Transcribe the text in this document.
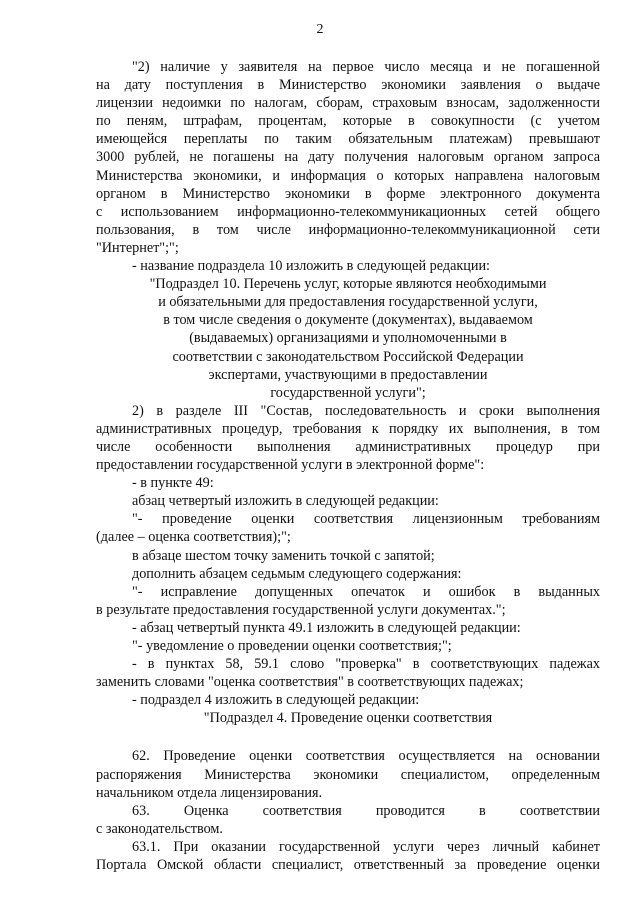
2
"2) наличие у заявителя на первое число месяца и не погашенной
на дату поступления в Министерство экономики заявления о выдаче
лицензии недоимки по налогам, сборам, страховым взносам, задолженности
по пеням, штрафам, процентам, которые в совокупности (с учетом
имеющейся переплаты по таким обязательным платежам) превышают
3000 рублей, не погашены на дату получения налоговым органом запроса
Министерства экономики, и информация о которых направлена налоговым
органом в Министерство экономики в форме электронного документа
с использованием информационно-телекоммуникационных сетей общего
пользования, в том числе информационно-телекоммуникационной сети
"Интернет";";
- название подраздела 10 изложить в следующей редакции:
"Подраздел 10. Перечень услуг, которые являются необходимыми
и обязательными для предоставления государственной услуги,
в том числе сведения о документе (документах), выдаваемом
(выдаваемых) организациями и уполномоченными в
соответствии с законодательством Российской Федерации
экспертами, участвующими в предоставлении
государственной услуги";
2) в разделе III "Состав, последовательность и сроки выполнения
административных процедур, требования к порядку их выполнения, в том
числе особенности выполнения административных процедур при
предоставлении государственной услуги в электронной форме":
- в пункте 49:
абзац четвертый изложить в следующей редакции:
"- проведение оценки соответствия лицензионным требованиям
(далее – оценка соответствия);";
в абзаце шестом точку заменить точкой с запятой;
дополнить абзацем седьмым следующего содержания:
"- исправление допущенных опечаток и ошибок в выданных
в результате предоставления государственной услуги документах.";
- абзац четвертый пункта 49.1 изложить в следующей редакции:
"- уведомление о проведении оценки соответствия;";
- в пунктах 58, 59.1 слово "проверка" в соответствующих падежах
заменить словами "оценка соответствия" в соответствующих падежах;
- подраздел 4 изложить в следующей редакции:
"Подраздел 4. Проведение оценки соответствия
62. Проведение оценки соответствия осуществляется на основании
распоряжения Министерства экономики специалистом, определенным
начальником отдела лицензирования.
63. Оценка соответствия проводится в соответствии
с законодательством.
63.1. При оказании государственной услуги через личный кабинет
Портала Омской области специалист, ответственный за проведение оценки
